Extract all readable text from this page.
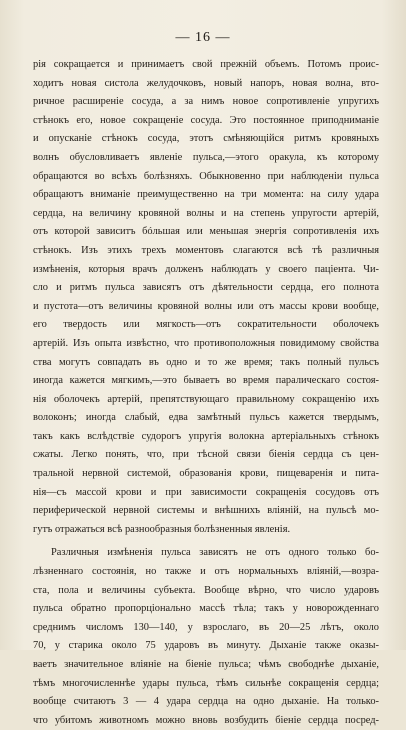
— 16 —
рія сокращается и принимаетъ свой прежній объемъ. Потомъ проис-
ходитъ новая систола желудочковъ, новый напоръ, новая волна, вто-
ричное расширеніе сосуда, а за нимъ новое сопротивленіе упругихъ
стѣнокъ его, новое сокращеніе сосуда. Это постоянное приподниманіе
и опусканіе стѣнокъ сосуда, этотъ смѣняющійся ритмъ кровяныхъ
волнъ обусловливаетъ явленіе пульса,—этого оракула, къ которому
обращаются во всѣхъ болѣзняхъ. Обыкновенно при наблюденіи пульса
обращаютъ вниманіе преимущественно на три момента: на силу удара
сердца, на величину кровяной волны и на степень упругости артерій,
отъ которой зависитъ бóльшая или меньшая энергія сопротивленія ихъ
стѣнокъ. Изъ этихъ трехъ моментовъ слагаются всѣ тѣ различныя
измѣненія, которыя врачъ долженъ наблюдать у своего паціента. Чи-
сло и ритмъ пульса зависятъ отъ дѣятельности сердца, его полнота
и пустота—отъ величины кровяной волны или отъ массы крови вообще,
его твердость или мягкость—отъ сократительности оболочекъ
артерій. Изъ опыта извѣстно, что противоположныя повидимому свойства
ства могутъ совпадать въ одно и то же время; такъ полный пульсъ
иногда кажется мягкимъ,—это бываетъ во время паралическаго состоя-
нія оболочекъ артерій, препятствующаго правильному сокращенію ихъ
волоконъ; иногда слабый, едва замѣтный пульсъ кажется твердымъ,
такъ какъ вслѣдствіе судорогъ упругія волокна артеріальныхъ стѣнокъ
сжаты. Легко понять, что, при тѣсной связи біенія сердца съ цен-
тральной нервной системой, образованія крови, пищеваренія и пита-
нія—съ массой крови и при зависимости сокращенія сосудовъ отъ
периферической нервной системы и внѣшнихъ вліяній, на пульсѣ мо-
гутъ отражаться всѣ разнообразныя болѣзненныя явленія.
Различныя измѣненія пульса зависятъ не отъ одного только бо-
лѣзненнаго состоянія, но также и отъ нормальныхъ вліяній,—возра-
ста, пола и величины субъекта. Вообще вѣрно, что число ударовъ
пульса обратно пропорціонально массѣ тѣла; такъ у новорожденнаго
среднимъ числомъ 130—140, у взрослаго, въ 20—25 лѣтъ, около
70, у старика около 75 ударовъ въ минуту. Дыханіе также оказы-
ваетъ значительное вліяніе на біеніе пульса; чѣмъ свободнѣе дыханіе,
тѣмъ многочисленнѣе удары пульса, тѣмъ сильнѣе сокращенія сердца;
вообще считаютъ 3 — 4 удара сердца на одно дыханіе. На только-
что убитомъ животномъ можно вновь возбудить біеніе сердца посред-
